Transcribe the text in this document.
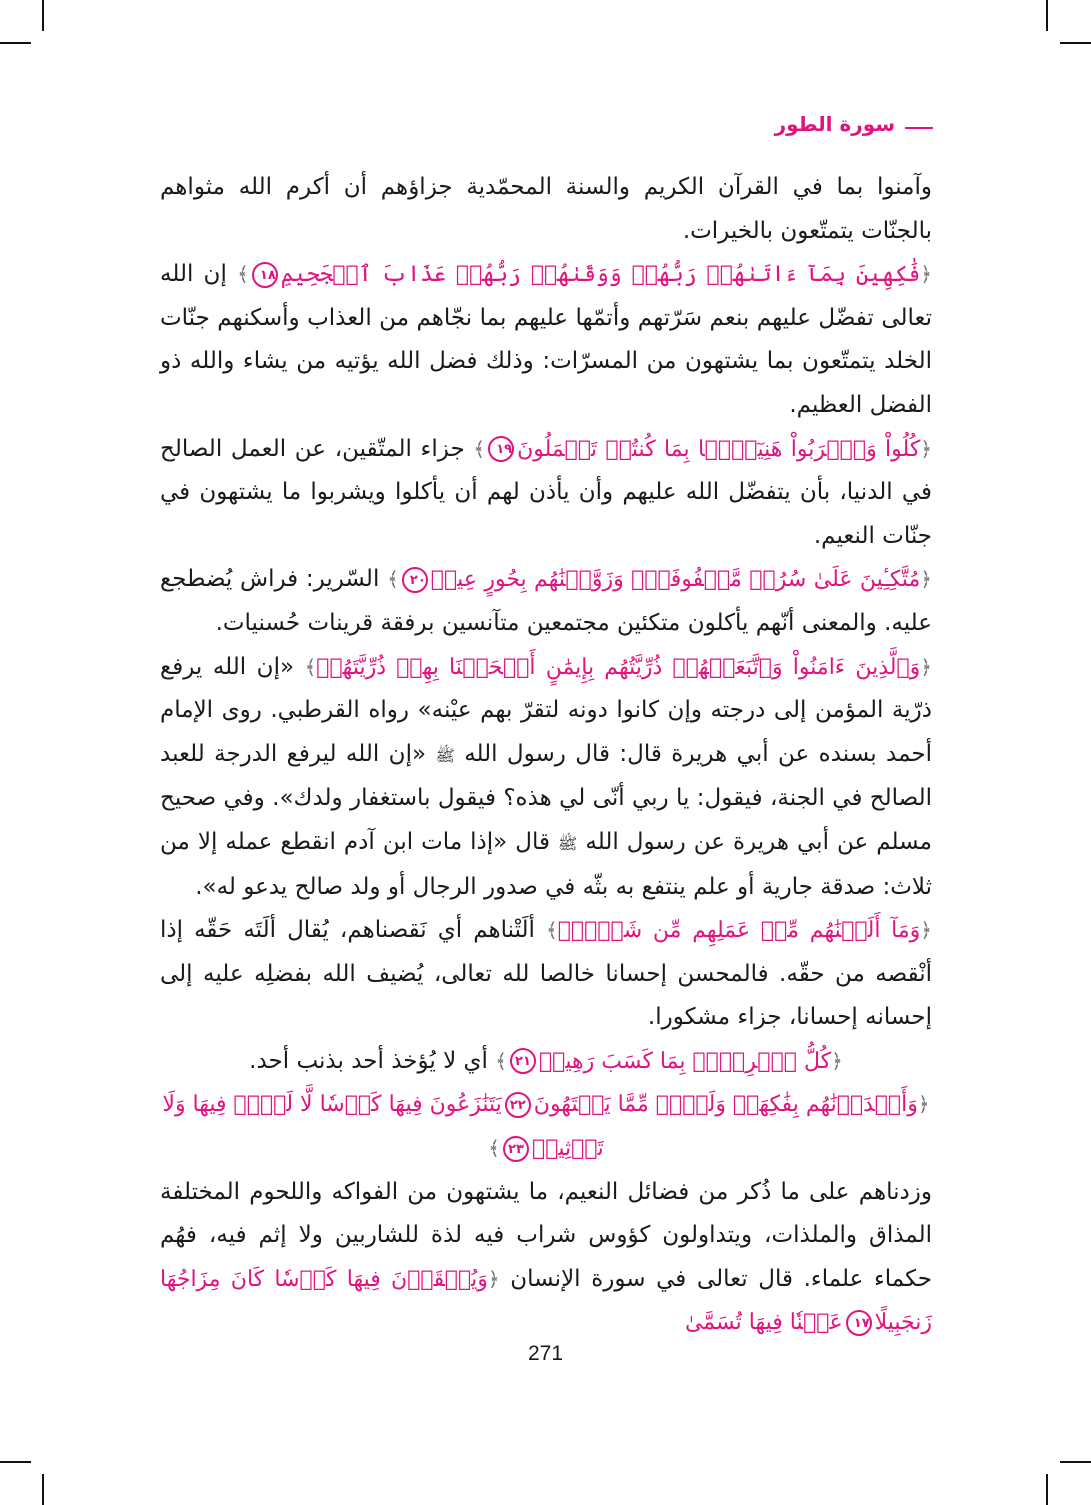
سورة الطور

وآمنوا بما في القرآن الكريم والسنة المحمّدية جزاؤهم أن أكرم الله مثواهم بالجنّات يتمتّعون بالخيرات.

﴿فَٰكِهِينَ بِمَآ ءَاتَىٰهُمۡ رَبُّهُمۡ وَوَقَىٰهُمۡ رَبُّهُمۡ عَذَابَ ٱلۡجَحِيمِ١٨﴾ إن الله تعالى تفضّل عليهم بنعم سَرّتهم وأتمّها عليهم بما نجّاهم من العذاب وأسكنهم جنّات الخلد يتمتّعون بما يشتهون من المسرّات: وذلك فضل الله يؤتيه من يشاء والله ذو الفضل العظيم.

﴿كُلُواْ وَٱشۡرَبُواْ هَنِيٓـَٔۢا بِمَا كُنتُمۡ تَعۡمَلُونَ١٩﴾ جزاء المتّقين، عن العمل الصالح في الدنيا، بأن يتفضّل الله عليهم وأن يأذن لهم أن يأكلوا ويشربوا ما يشتهون في جنّات النعيم.

﴿مُتَّكِـِٔينَ عَلَىٰ سُرُرٖ مَّصۡفُوفَةٖۖ وَزَوَّجۡنَٰهُم بِحُورٍ عِينٖ٢٠﴾ السّرير: فراش يُضطجع عليه. والمعنى أنّهم يأكلون متكئين مجتمعين متآنسين برفقة قرينات حُسنيات.

﴿وَٱلَّذِينَ ءَامَنُواْ وَٱتَّبَعَتۡهُمۡ ذُرِّيَّتُهُم بِإِيمَٰنٍ أَلۡحَقۡنَا بِهِمۡ ذُرِّيَّتَهُمۡ﴾ «إن الله يرفع ذرّية المؤمن إلى درجته وإن كانوا دونه لتقرّ بهم عيْنه» رواه القرطبي. روى الإمام أحمد بسنده عن أبي هريرة قال: قال رسول الله ﷺ «إن الله ليرفع الدرجة للعبد الصالح في الجنة، فيقول: يا ربي أنّى لي هذه؟ فيقول باستغفار ولدك». وفي صحيح مسلم عن أبي هريرة عن رسول الله ﷺ قال «إذا مات ابن آدم انقطع عمله إلا من ثلاث: صدقة جارية أو علم ينتفع به بثّه في صدور الرجال أو ولد صالح يدعو له».

﴿وَمَآ أَلَتۡنَٰهُم مِّنۡ عَمَلِهِم مِّن شَيۡءٖۚ﴾ ألَتْناهم أي نَقصناهم، يُقال ألَتَه حَقّه إذا أنْقصه من حقّه. فالمحسن إحسانا خالصا لله تعالى، يُضيف الله بفضلِه عليه إلى إحسانه إحسانا، جزاء مشكورا.

﴿كُلُّ ٱمۡرِيِٕۭ بِمَا كَسَبَ رَهِينٞ٢١﴾ أي لا يُؤخذ أحد بذنب أحد.

﴿وَأَمۡدَدۡنَٰهُم بِفَٰكِهَةٖ وَلَحۡمٖ مِّمَّا يَشۡتَهُونَ٢٢يَتَنَٰزَعُونَ فِيهَا كَأۡسٗا لَّا لَغۡوٞ فِيهَا وَلَا تَأۡثِيمٞ٢٣﴾

وزدناهم على ما ذُكر من فضائل النعيم، ما يشتهون من الفواكه واللحوم المختلفة المذاق والملذات، ويتداولون كؤوس شراب فيه لذة للشاربين ولا إثم فيه، فهُم حكماء علماء. قال تعالى في سورة الإنسان ﴿وَيُسۡقَوۡنَ فِيهَا كَأۡسٗا كَانَ مِزَاجُهَا زَنجَبِيلًا١٧عَيۡنٗا فِيهَا تُسَمَّىٰ

271
